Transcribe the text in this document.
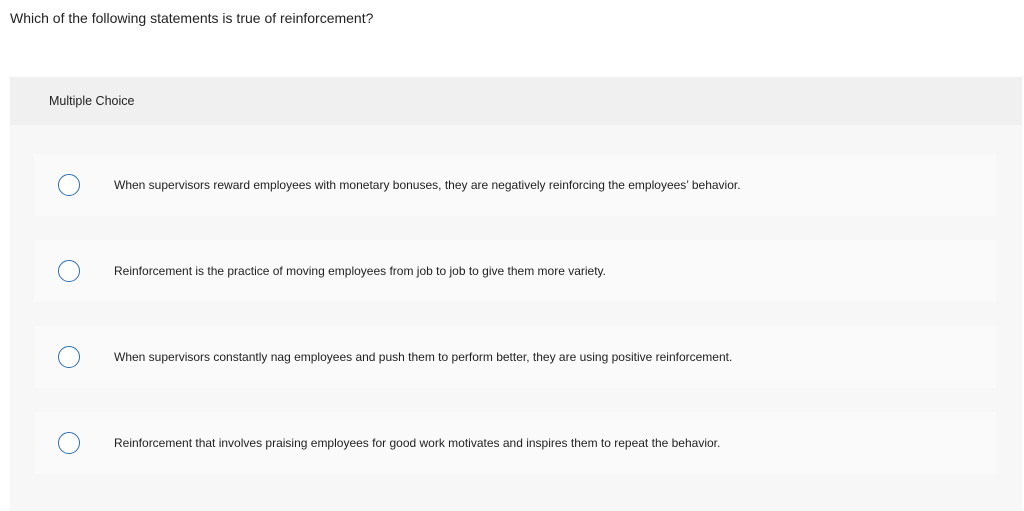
Which of the following statements is true of reinforcement?
Multiple Choice
When supervisors reward employees with monetary bonuses, they are negatively reinforcing the employees’ behavior.
Reinforcement is the practice of moving employees from job to job to give them more variety.
When supervisors constantly nag employees and push them to perform better, they are using positive reinforcement.
Reinforcement that involves praising employees for good work motivates and inspires them to repeat the behavior.
